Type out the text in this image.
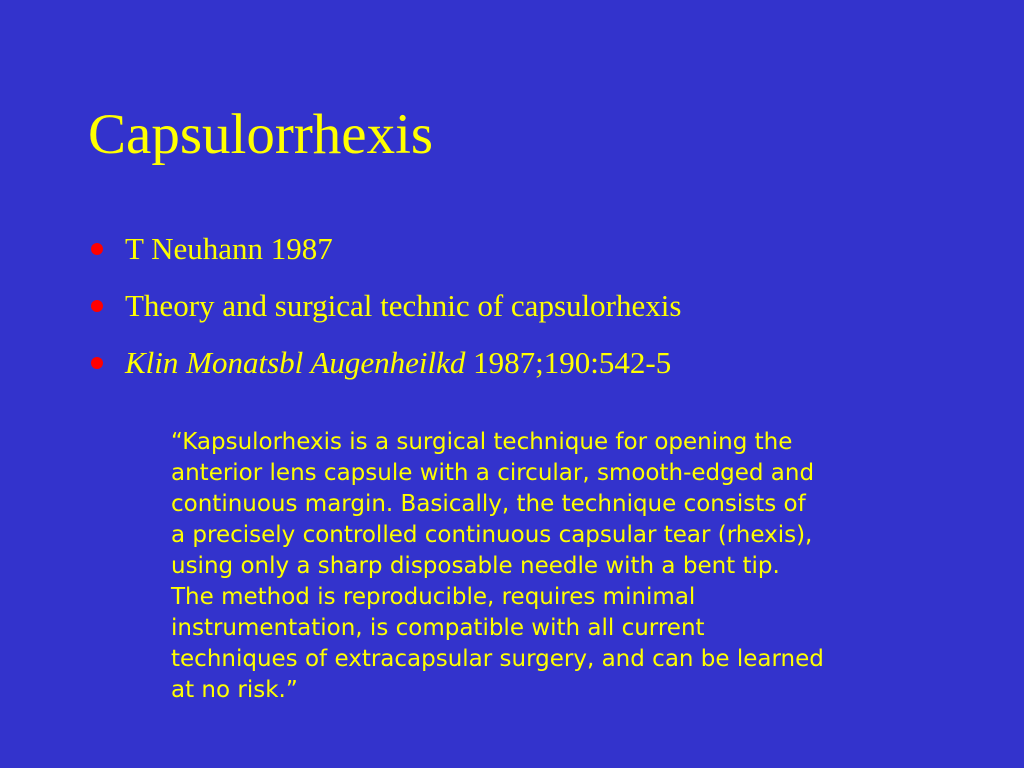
Capsulorrhexis
T Neuhann 1987
Theory and surgical technic of capsulorhexis
Klin Monatsbl Augenheilkd 1987;190:542-5

“Kapsulorhexis is a surgical technique for opening the
anterior lens capsule with a circular, smooth-edged and
continuous margin. Basically, the technique consists of
a precisely controlled continuous capsular tear (rhexis),
using only a sharp disposable needle with a bent tip.
The method is reproducible, requires minimal
instrumentation, is compatible with all current
techniques of extracapsular surgery, and can be learned
at no risk.”
